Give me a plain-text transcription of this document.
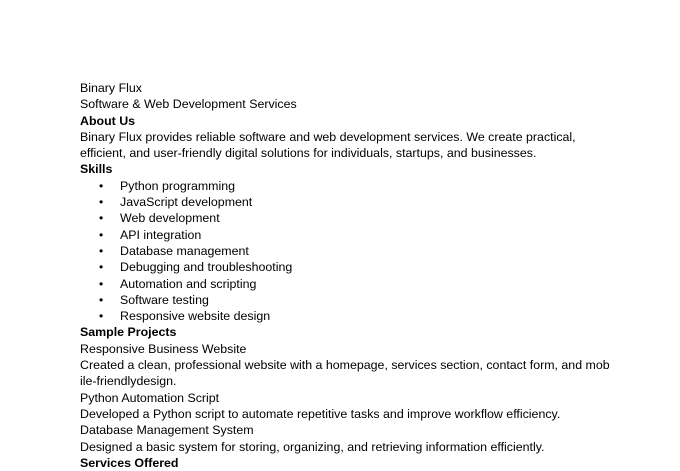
Binary Flux
Software & Web Development Services
About Us
Binary Flux provides reliable software and web development services. We create practical,
efficient, and user-friendly digital solutions for individuals, startups, and businesses.
Skills
• Python programming
• JavaScript development
• Web development
• API integration
• Database management
• Debugging and troubleshooting
• Automation and scripting
• Software testing
• Responsive website design
Sample Projects
Responsive Business Website
Created a clean, professional website with a homepage, services section, contact form, and mob
ile-friendlydesign.
Python Automation Script
Developed a Python script to automate repetitive tasks and improve workflow efficiency.
Database Management System
Designed a basic system for storing, organizing, and retrieving information efficiently.
Services Offered
